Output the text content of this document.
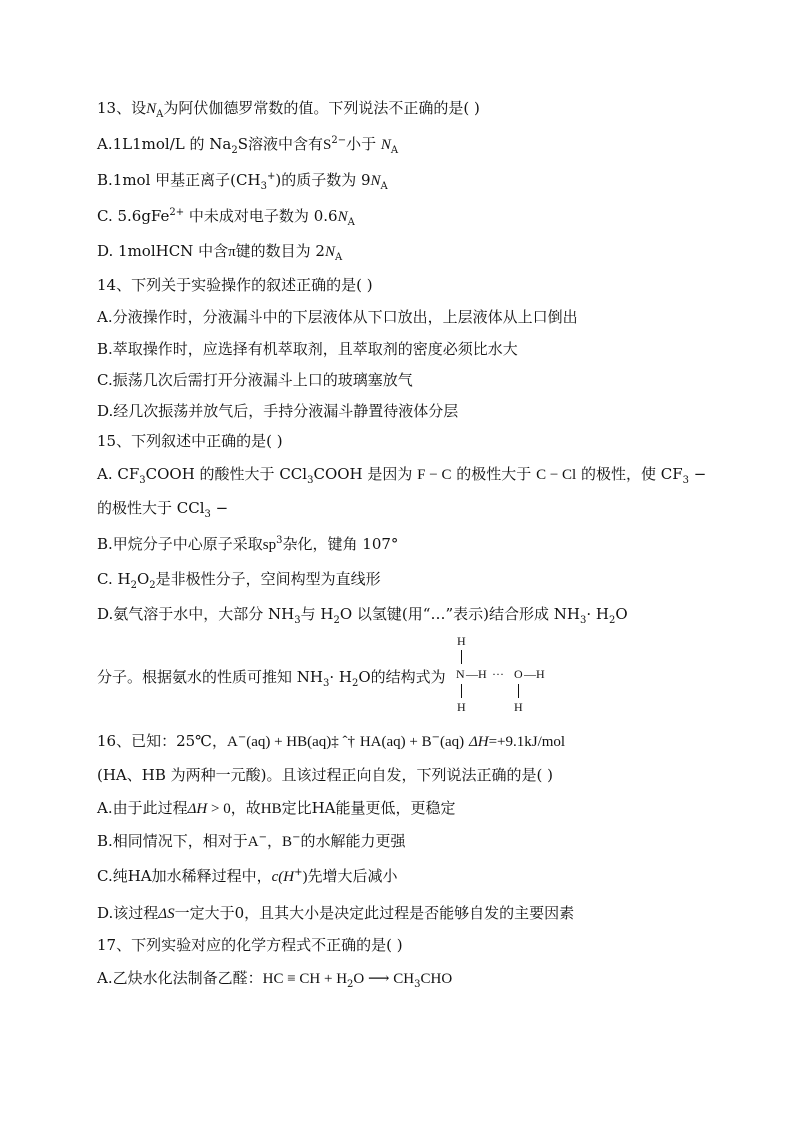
13、设$N_A$为阿伏伽德罗常数的值。下列说法不正确的是( )
A.1L1mol/L 的 $Na_2S$溶液中含有$S^{2-}$小于 $N_A$
B.1mol 甲基正离子$(CH_3^+)$的质子数为 $9N_A$
C. 5.6gFe$^{2+}$ 中未成对电子数为 $0.6N_A$
D. 1molHCN 中含π键的数目为 $2N_A$
14、下列关于实验操作的叙述正确的是( )
A.分液操作时，分液漏斗中的下层液体从下口放出，上层液体从上口倒出
B.萃取操作时，应选择有机萃取剂，且萃取剂的密度必须比水大
C.振荡几次后需打开分液漏斗上口的玻璃塞放气
D.经几次振荡并放气后，手持分液漏斗静置待液体分层
15、下列叙述中正确的是( )
A. $CF_3COOH$ 的酸性大于 CCl$_3$COOH 是因为 F − C 的极性大于 C − Cl 的极性，使 $CF_3$ −
的极性大于 CCl$_3$ −
B.甲烷分子中心原子采取$sp^3$杂化，键角 107°
C. $H_2O_2$是非极性分子，空间构型为直线形
D.氨气溶于水中，大部分 $NH_3$与 $H_2O$ 以氢键(用“…”表示)结合形成 $NH_3\cdot H_2O$
分子。根据氨水的性质可推知 $NH_3\cdot H_2O$的结构式为
H
N —H ··· O —H
H	H
16、已知：25℃，A−(aq) + HB(aq)‡ ˆ† HA(aq) + B−(aq) ΔH=+9.1kJ/mol
(HA、HB 为两种一元酸)。且该过程正向自发，下列说法正确的是( )
A.由于此过程ΔH > 0，故HB定比HA能量更低，更稳定
B.相同情况下，相对于A−，B−的水解能力更强
C.纯HA加水稀释过程中，c(H+)先增大后减小
D.该过程ΔS一定大于0，且其大小是决定此过程是否能够自发的主要因素
17、下列实验对应的化学方程式不正确的是( )
A.乙炔水化法制备乙醛：HC ≡ CH + $H_2O$ ⟶ $CH_3CHO$
